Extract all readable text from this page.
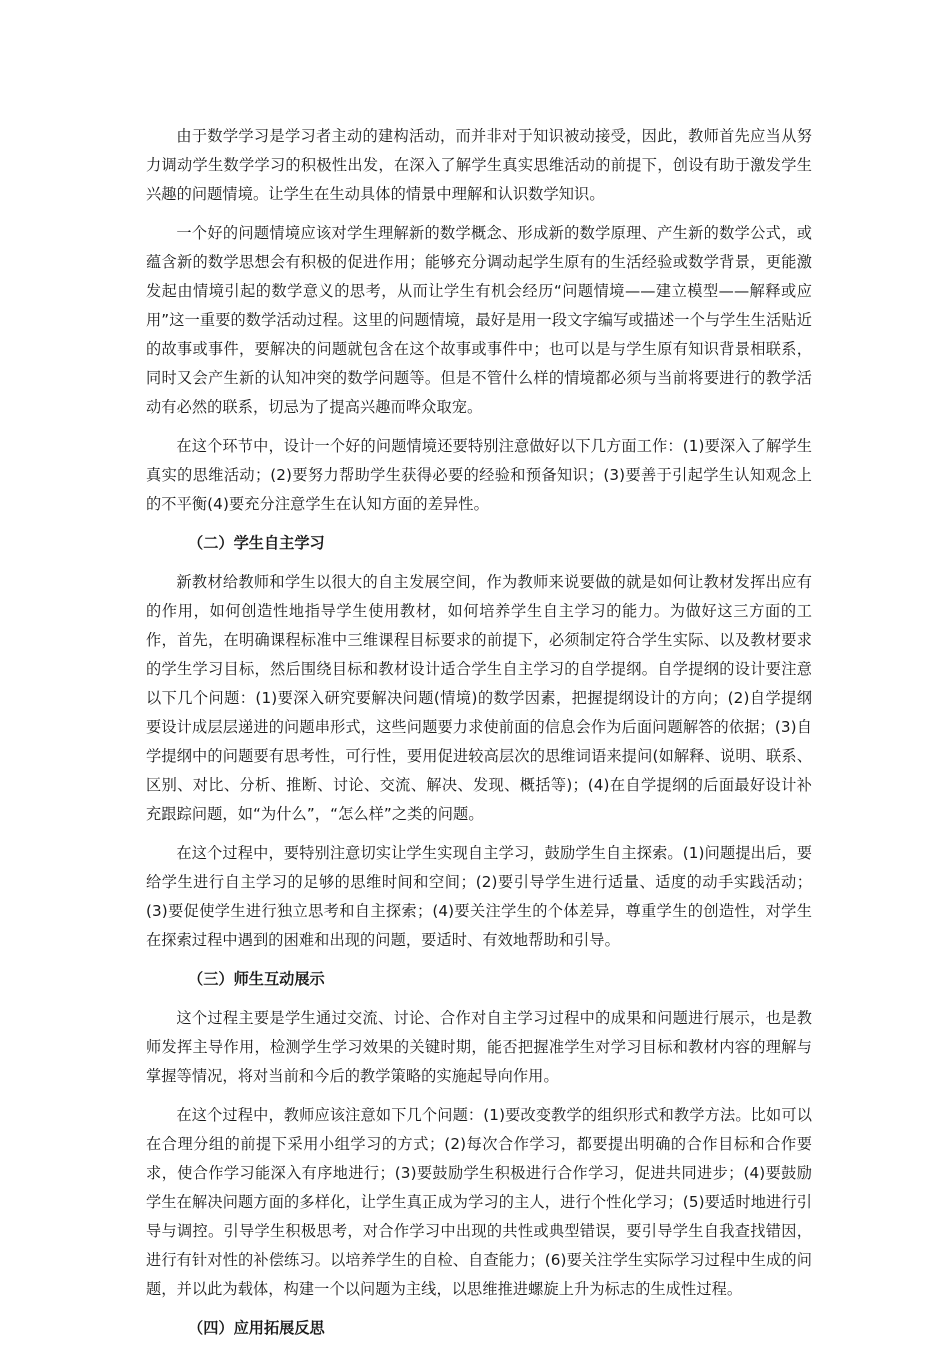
由于数学学习是学习者主动的建构活动，而并非对于知识被动接受，因此，教师首先应当从努力调动学生数学学习的积极性出发，在深入了解学生真实思维活动的前提下，创设有助于激发学生兴趣的问题情境。让学生在生动具体的情景中理解和认识数学知识。

一个好的问题情境应该对学生理解新的数学概念、形成新的数学原理、产生新的数学公式，或蕴含新的数学思想会有积极的促进作用；能够充分调动起学生原有的生活经验或数学背景，更能激发起由情境引起的数学意义的思考，从而让学生有机会经历“问题情境——建立模型——解释或应用”这一重要的数学活动过程。这里的问题情境，最好是用一段文字编写或描述一个与学生生活贴近的故事或事件，要解决的问题就包含在这个故事或事件中；也可以是与学生原有知识背景相联系，同时又会产生新的认知冲突的数学问题等。但是不管什么样的情境都必须与当前将要进行的教学活动有必然的联系，切忌为了提高兴趣而哗众取宠。

在这个环节中，设计一个好的问题情境还要特别注意做好以下几方面工作：(1)要深入了解学生真实的思维活动；(2)要努力帮助学生获得必要的经验和预备知识；(3)要善于引起学生认知观念上的不平衡(4)要充分注意学生在认知方面的差异性。

（二）学生自主学习

新教材给教师和学生以很大的自主发展空间，作为教师来说要做的就是如何让教材发挥出应有的作用，如何创造性地指导学生使用教材，如何培养学生自主学习的能力。为做好这三方面的工作，首先，在明确课程标准中三维课程目标要求的前提下，必须制定符合学生实际、以及教材要求的学生学习目标，然后围绕目标和教材设计适合学生自主学习的自学提纲。自学提纲的设计要注意以下几个问题：(1)要深入研究要解决问题(情境)的数学因素，把握提纲设计的方向；(2)自学提纲要设计成层层递进的问题串形式，这些问题要力求使前面的信息会作为后面问题解答的依据；(3)自学提纲中的问题要有思考性，可行性，要用促进较高层次的思维词语来提问(如解释、说明、联系、区别、对比、分析、推断、讨论、交流、解决、发现、概括等)；(4)在自学提纲的后面最好设计补充跟踪问题，如“为什么”，“怎么样”之类的问题。

在这个过程中，要特别注意切实让学生实现自主学习，鼓励学生自主探索。(1)问题提出后，要给学生进行自主学习的足够的思维时间和空间；(2)要引导学生进行适量、适度的动手实践活动；(3)要促使学生进行独立思考和自主探索；(4)要关注学生的个体差异，尊重学生的创造性，对学生在探索过程中遇到的困难和出现的问题，要适时、有效地帮助和引导。

（三）师生互动展示

这个过程主要是学生通过交流、讨论、合作对自主学习过程中的成果和问题进行展示，也是教师发挥主导作用，检测学生学习效果的关键时期，能否把握准学生对学习目标和教材内容的理解与掌握等情况，将对当前和今后的教学策略的实施起导向作用。

在这个过程中，教师应该注意如下几个问题：(1)要改变教学的组织形式和教学方法。比如可以在合理分组的前提下采用小组学习的方式；(2)每次合作学习，都要提出明确的合作目标和合作要求，使合作学习能深入有序地进行；(3)要鼓励学生积极进行合作学习，促进共同进步；(4)要鼓励学生在解决问题方面的多样化，让学生真正成为学习的主人，进行个性化学习；(5)要适时地进行引导与调控。引导学生积极思考，对合作学习中出现的共性或典型错误，要引导学生自我查找错因，进行有针对性的补偿练习。以培养学生的自检、自查能力；(6)要关注学生实际学习过程中生成的问题，并以此为载体，构建一个以问题为主线，以思维推进螺旋上升为标志的生成性过程。

（四）应用拓展反思
